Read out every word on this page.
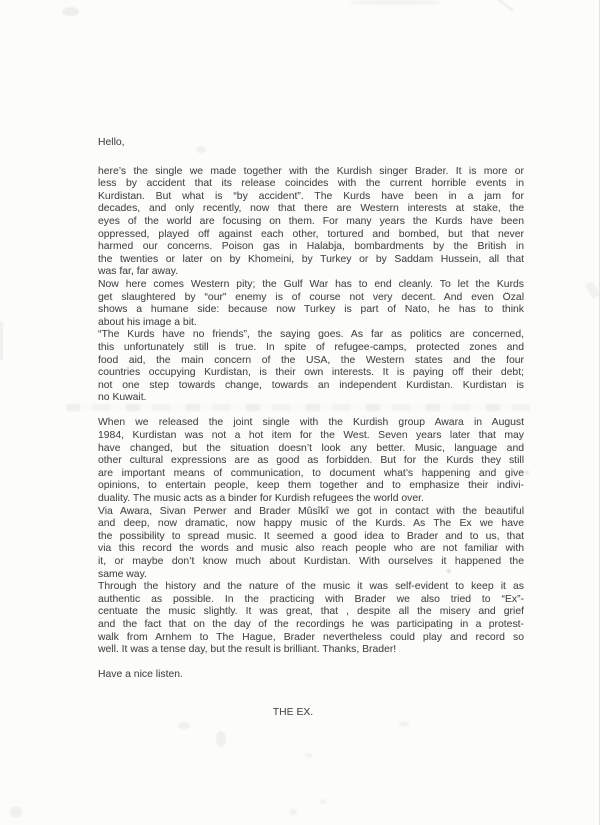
Hello,
here’s the single we made together with the Kurdish singer Brader. It is more or
less by accident that its release coincides with the current horrible events in
Kurdistan. But what is “by accident”. The Kurds have been in a jam for
decades, and only recently, now that there are Western interests at stake, the
eyes of the world are focusing on them. For many years the Kurds have been
oppressed, played off against each other, tortured and bombed, but that never
harmed our concerns. Poison gas in Halabja, bombardments by the British in
the twenties or later on by Khomeini, by Turkey or by Saddam Hussein, all that
was far, far away.
Now here comes Western pity; the Gulf War has to end cleanly. To let the Kurds
get slaughtered by “our” enemy is of course not very decent. And even Özal
shows a humane side: because now Turkey is part of Nato, he has to think
about his image a bit.
“The Kurds have no friends”, the saying goes. As far as politics are concerned,
this unfortunately still is true. In spite of refugee-camps, protected zones and
food aid, the main concern of the USA, the Western states and the four
countries occupying Kurdistan, is their own interests. It is paying off their debt;
not one step towards change, towards an independent Kurdistan. Kurdistan is
no Kuwait.
When we released the joint single with the Kurdish group Awara in August
1984, Kurdistan was not a hot item for the West. Seven years later that may
have changed, but the situation doesn’t look any better. Music, language and
other cultural expressions are as good as forbidden. But for the Kurds they still
are important means of communication, to document what’s happening and give
opinions, to entertain people, keep them together and to emphasize their indivi-
duality. The music acts as a binder for Kurdish refugees the world over.
Via Awara, Sivan Perwer and Brader Mûsîkî we got in contact with the beautiful
and deep, now dramatic, now happy music of the Kurds. As The Ex we have
the possibility to spread music. It seemed a good idea to Brader and to us, that
via this record the words and music also reach people who are not familiar with
it, or maybe don’t know much about Kurdistan. With ourselves it happened the
same way.
Through the history and the nature of the music it was self-evident to keep it as
authentic as possible. In the practicing with Brader we also tried to “Ex”-
centuate the music slightly. It was great, that , despite all the misery and grief
and the fact that on the day of the recordings he was participating in a protest-
walk from Arnhem to The Hague, Brader nevertheless could play and record so
well. It was a tense day, but the result is brilliant. Thanks, Brader!
Have a nice listen.
THE EX.
